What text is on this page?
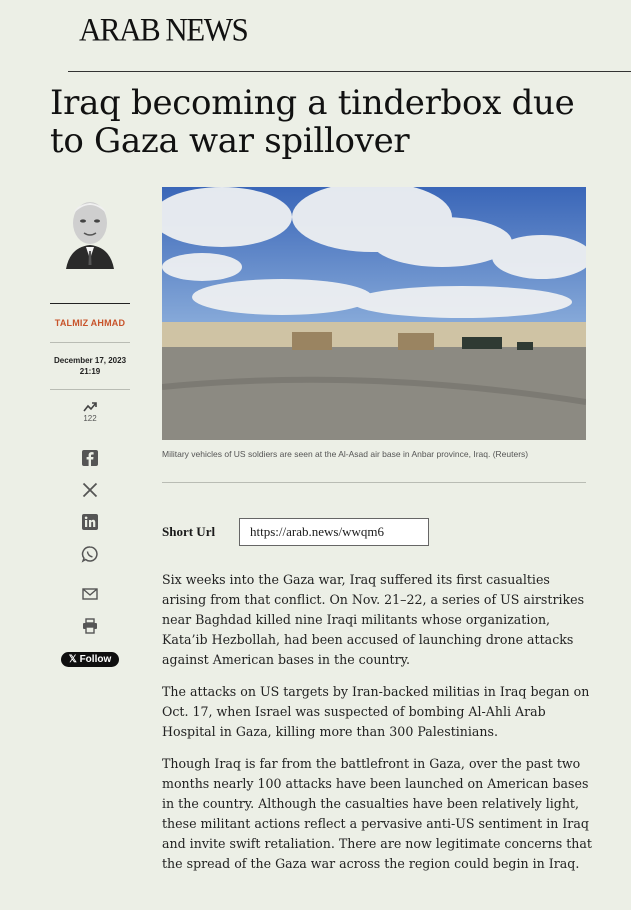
ARAB NEWS
Iraq becoming a tinderbox due to Gaza war spillover
TALMIZ AHMAD
December 17, 2023
21:19
122
𝕏 Follow
Military vehicles of US soldiers are seen at the Al-Asad air base in Anbar province, Iraq. (Reuters)
Short Url	https://arab.news/wwqm6

Six weeks into the Gaza war, Iraq suffered its first casualties arising from that conflict. On Nov. 21–22, a series of US airstrikes near Baghdad killed nine Iraqi militants whose organization, Kata’ib Hezbollah, had been accused of launching drone attacks against American bases in the country.

The attacks on US targets by Iran-backed militias in Iraq began on Oct. 17, when Israel was suspected of bombing Al-Ahli Arab Hospital in Gaza, killing more than 300 Palestinians.

Though Iraq is far from the battlefront in Gaza, over the past two months nearly 100 attacks have been launched on American bases in the country. Although the casualties have been relatively light, these militant actions reflect a pervasive anti-US sentiment in Iraq and invite swift retaliation. There are now legitimate concerns that the spread of the Gaza war across the region could begin in Iraq.
